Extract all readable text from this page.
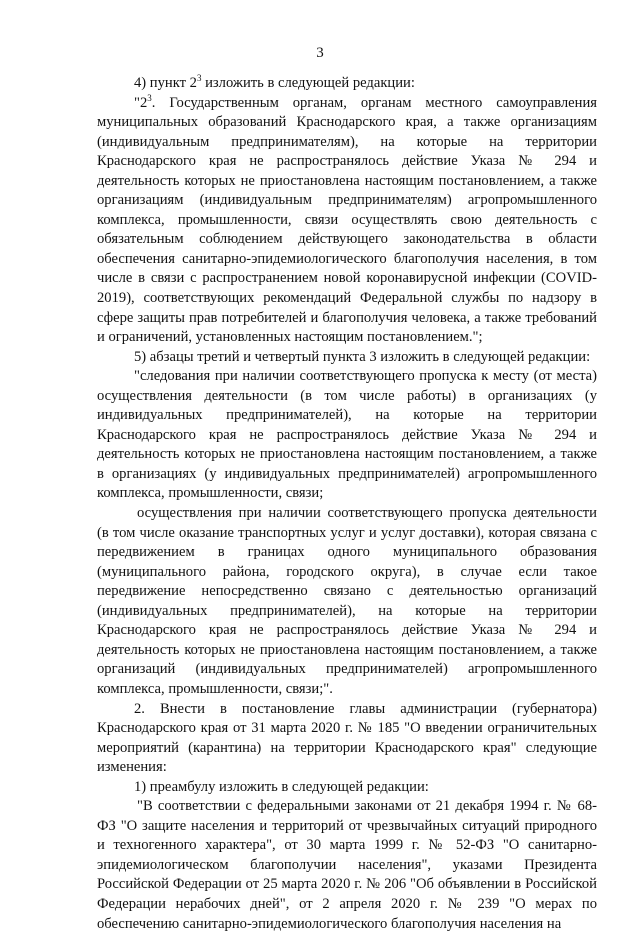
3

4) пункт $2^3$ изложить в следующей редакции:

"$2^3$. Государственным органам, органам местного самоуправления муниципальных образований Краснодарского края, а также организациям (индивидуальным предпринимателям), на которые на территории Краснодарского края не распространялось действие Указа № 294 и деятельность которых не приостановлена настоящим постановлением, а также организациям (индивидуальным предпринимателям) агропромышленного комплекса, промышленности, связи осуществлять свою деятельность с обязательным соблюдением действующего законодательства в области обеспечения санитарно-эпидемиологического благополучия населения, в том числе в связи с распространением новой коронавирусной инфекции (COVID-2019), соответствующих рекомендаций Федеральной службы по надзору в сфере защиты прав потребителей и благополучия человека, а также требований и ограничений, установленных настоящим постановлением.";

5) абзацы третий и четвертый пункта 3 изложить в следующей редакции:

"следования при наличии соответствующего пропуска к месту (от места) осуществления деятельности (в том числе работы) в организациях (у индивидуальных предпринимателей), на которые на территории Краснодарского края не распространялось действие Указа № 294 и деятельность которых не приостановлена настоящим постановлением, а также в организациях (у индивидуальных предпринимателей) агропромышленного комплекса, промышленности, связи;

осуществления при наличии соответствующего пропуска деятельности (в том числе оказание транспортных услуг и услуг доставки), которая связана с передвижением в границах одного муниципального образования (муниципального района, городского округа), в случае если такое передвижение непосредственно связано с деятельностью организаций (индивидуальных предпринимателей), на которые на территории Краснодарского края не распространялось действие Указа № 294 и деятельность которых не приостановлена настоящим постановлением, а также организаций (индивидуальных предпринимателей) агропромышленного комплекса, промышленности, связи;".

2. Внести в постановление главы администрации (губернатора) Краснодарского края от 31 марта 2020 г. № 185 "О введении ограничительных мероприятий (карантина) на территории Краснодарского края" следующие изменения:

1) преамбулу изложить в следующей редакции:

"В соответствии с федеральными законами от 21 декабря 1994 г. № 68-ФЗ "О защите населения и территорий от чрезвычайных ситуаций природного и техногенного характера", от 30 марта 1999 г. № 52-ФЗ "О санитарно-эпидемиологическом благополучии населения", указами Президента Российской Федерации от 25 марта 2020 г. № 206 "Об объявлении в Российской Федерации нерабочих дней", от 2 апреля 2020 г. № 239 "О мерах по обеспечению санитарно-эпидемиологического благополучия населения на
